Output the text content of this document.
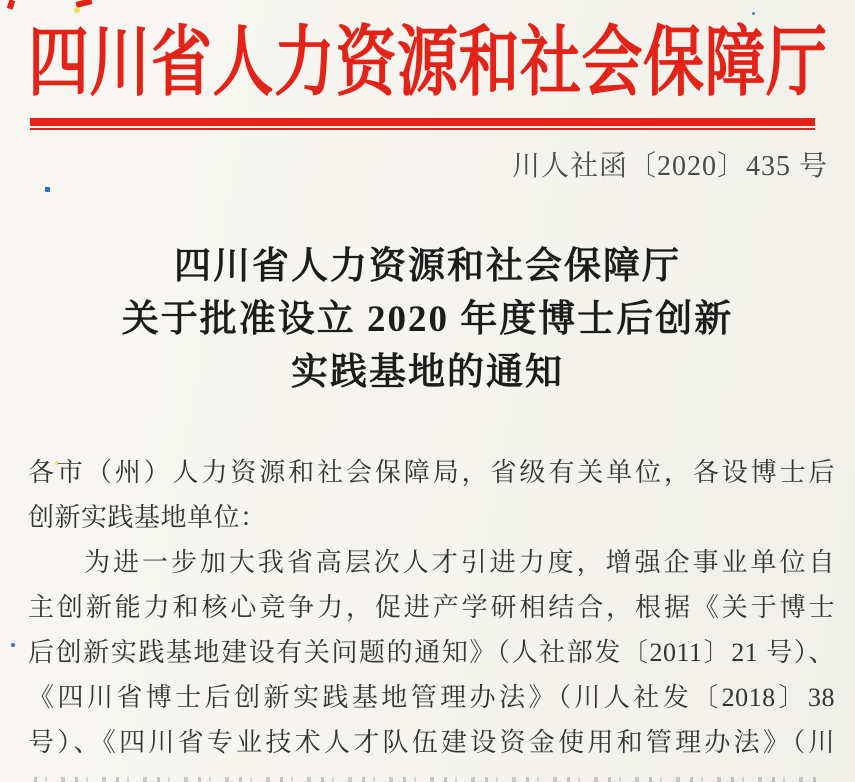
四川省人力资源和社会保障厅
川人社函〔2020〕435 号
四川省人力资源和社会保障厅
关于批准设立 2020 年度博士后创新
实践基地的通知
各市（州）人力资源和社会保障局，省级有关单位，各设博士后
创新实践基地单位：
为进一步加大我省高层次人才引进力度，增强企事业单位自
主创新能力和核心竞争力，促进产学研相结合，根据《关于博士
后创新实践基地建设有关问题的通知》（人社部发〔2011〕21 号）、
《四川省博士后创新实践基地管理办法》（川人社发〔2018〕38
号）、《四川省专业技术人才队伍建设资金使用和管理办法》（川
